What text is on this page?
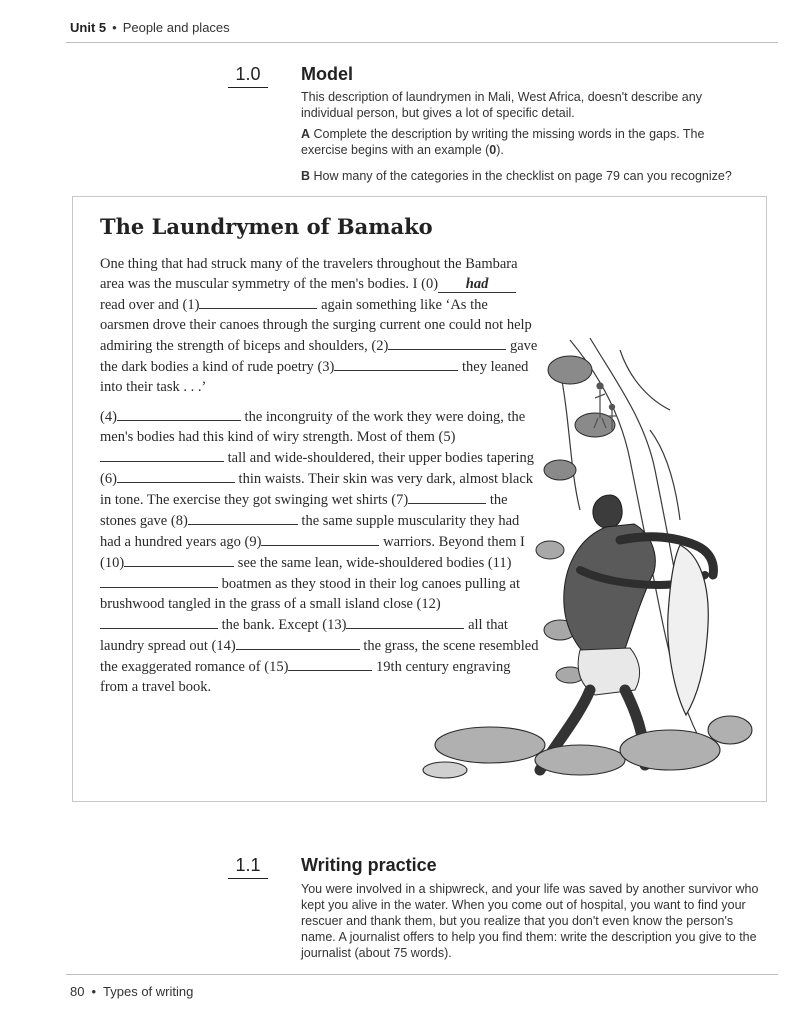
Unit 5 • People and places
1.0	Model
This description of laundrymen in Mali, West Africa, doesn't describe any individual person, but gives a lot of specific detail.
A Complete the description by writing the missing words in the gaps. The exercise begins with an example (0).
B How many of the categories in the checklist on page 79 can you recognize?
The Laundrymen of Bamako

One thing that had struck many of the travelers throughout the Bambara area was the muscular symmetry of the men's bodies. I (0) had read over and (1)	again something like ‘As the oarsmen drove their canoes through the surging current one could not help admiring the strength of biceps and shoulders, (2)	gave the dark bodies a kind of rude poetry (3)	they leaned into their task . . .’

(4)	the incongruity of the work they were doing, the men's bodies had this kind of wiry strength. Most of them (5) tall and wide-shouldered, their upper bodies tapering (6)	thin waists. Their skin was very dark, almost black in tone. The exercise they got swinging wet shirts (7)	the stones gave (8)	the same supple muscularity they had had a hundred years ago (9)	warriors. Beyond them I (10)	see the same lean, wide-shouldered bodies (11) boatmen as they stood in their log canoes pulling at brushwood tangled in the grass of a small island close (12) the bank. Except (13)	all that laundry spread out (14)	the grass, the scene resembled the exaggerated romance of (15)	19th century engraving from a travel book.

1.1	Writing practice
You were involved in a shipwreck, and your life was saved by another survivor who kept you alive in the water. When you come out of hospital, you want to find your rescuer and thank them, but you realize that you don't even know the person's name. A journalist offers to help you find them: write the description you give to the journalist (about 75 words).
80 • Types of writing
